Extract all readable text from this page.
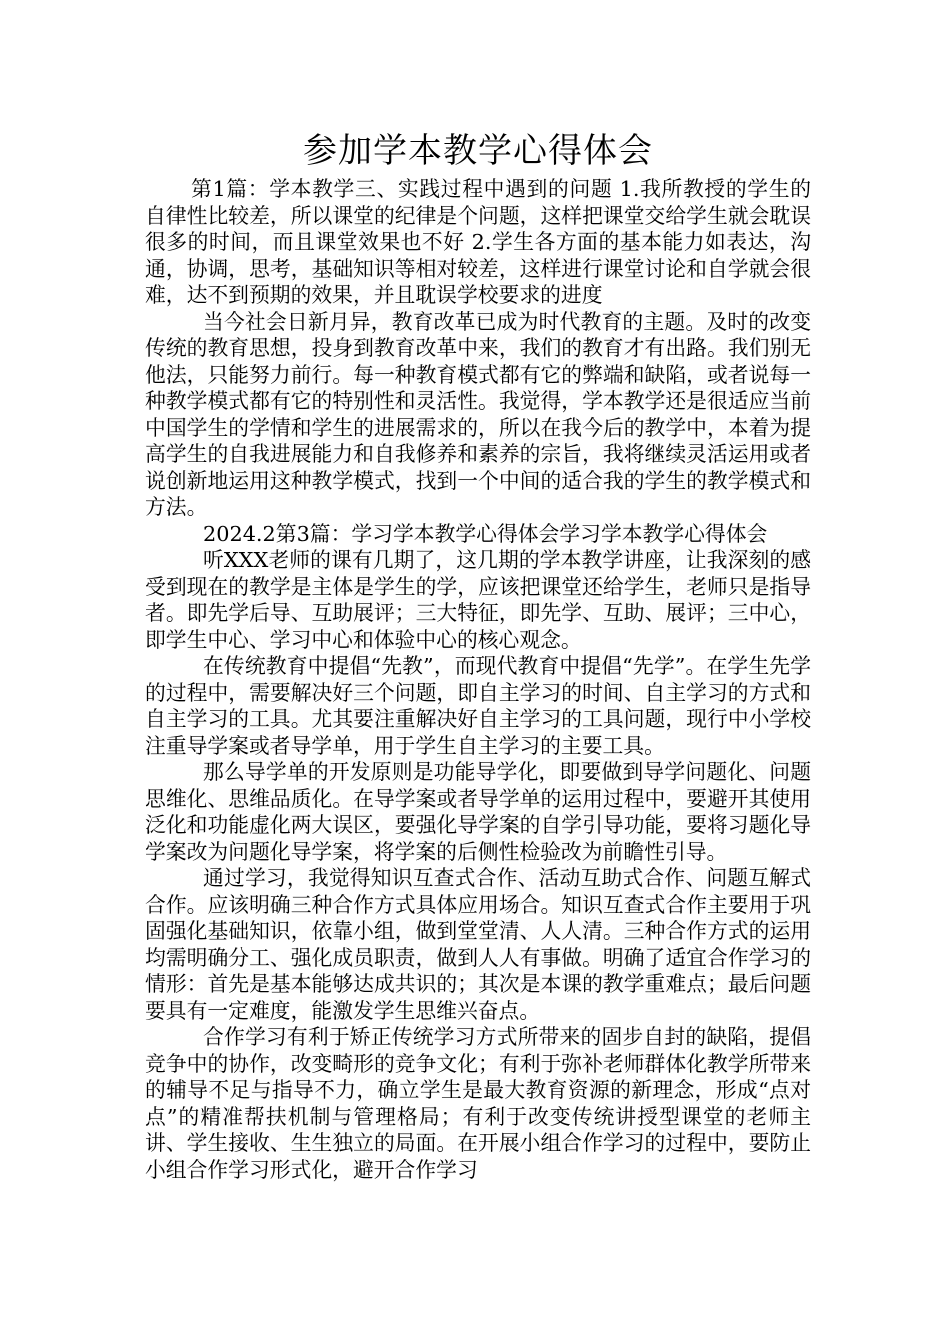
参加学本教学心得体会

第1篇：学本教学三、实践过程中遇到的问题 1.我所教授的学生的自律性比较差，所以课堂的纪律是个问题，这样把课堂交给学生就会耽误很多的时间，而且课堂效果也不好 2.学生各方面的基本能力如表达，沟通，协调，思考，基础知识等相对较差，这样进行课堂讨论和自学就会很难，达不到预期的效果，并且耽误学校要求的进度

当今社会日新月异，教育改革已成为时代教育的主题。及时的改变传统的教育思想，投身到教育改革中来，我们的教育才有出路。我们别无他法，只能努力前行。每一种教育模式都有它的弊端和缺陷，或者说每一种教学模式都有它的特别性和灵活性。我觉得，学本教学还是很适应当前中国学生的学情和学生的进展需求的，所以在我今后的教学中，本着为提高学生的自我进展能力和自我修养和素养的宗旨，我将继续灵活运用或者说创新地运用这种教学模式，找到一个中间的适合我的学生的教学模式和方法。

2024.2第3篇：学习学本教学心得体会学习学本教学心得体会

听XXX老师的课有几期了，这几期的学本教学讲座，让我深刻的感受到现在的教学是主体是学生的学，应该把课堂还给学生，老师只是指导者。即先学后导、互助展评；三大特征，即先学、互助、展评；三中心，即学生中心、学习中心和体验中心的核心观念。

在传统教育中提倡“先教”，而现代教育中提倡“先学”。在学生先学的过程中，需要解决好三个问题，即自主学习的时间、自主学习的方式和自主学习的工具。尤其要注重解决好自主学习的工具问题，现行中小学校注重导学案或者导学单，用于学生自主学习的主要工具。

那么导学单的开发原则是功能导学化，即要做到导学问题化、问题思维化、思维品质化。在导学案或者导学单的运用过程中，要避开其使用泛化和功能虚化两大误区，要强化导学案的自学引导功能，要将习题化导学案改为问题化导学案，将学案的后侧性检验改为前瞻性引导。

通过学习，我觉得知识互查式合作、活动互助式合作、问题互解式合作。应该明确三种合作方式具体应用场合。知识互查式合作主要用于巩固强化基础知识，依靠小组，做到堂堂清、人人清。三种合作方式的运用均需明确分工、强化成员职责，做到人人有事做。明确了适宜合作学习的情形：首先是基本能够达成共识的；其次是本课的教学重难点；最后问题要具有一定难度，能激发学生思维兴奋点。

合作学习有利于矫正传统学习方式所带来的固步自封的缺陷，提倡竞争中的协作，改变畸形的竞争文化；有利于弥补老师群体化教学所带来的辅导不足与指导不力，确立学生是最大教育资源的新理念，形成“点对点”的精准帮扶机制与管理格局；有利于改变传统讲授型课堂的老师主讲、学生接收、生生独立的局面。在开展小组合作学习的过程中，要防止小组合作学习形式化，避开合作学习
